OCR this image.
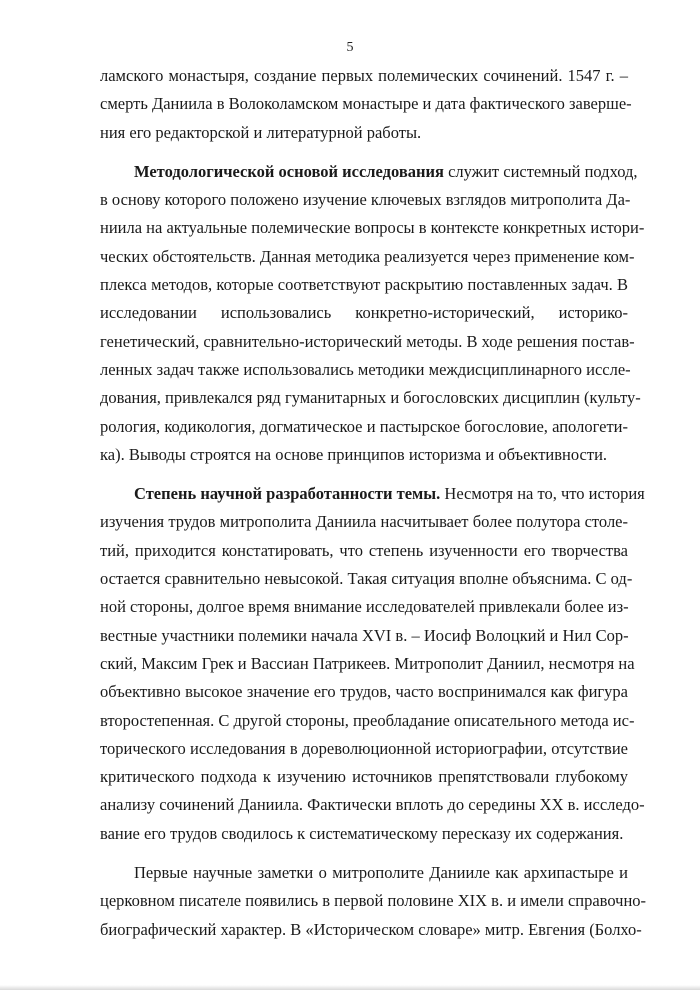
5
ламского монастыря, создание первых полемических сочинений. 1547 г. –
смерть Даниила в Волоколамском монастыре и дата фактического заверше-
ния его редакторской и литературной работы.
Методологической основой исследования служит системный подход,
в основу которого положено изучение ключевых взглядов митрополита Да-
ниила на актуальные полемические вопросы в контексте конкретных истори-
ческих обстоятельств. Данная методика реализуется через применение ком-
плекса методов, которые соответствуют раскрытию поставленных задач. В
исследовании использовались конкретно-исторический, историко-
генетический, сравнительно-исторический методы. В ходе решения постав-
ленных задач также использовались методики междисциплинарного иссле-
дования, привлекался ряд гуманитарных и богословских дисциплин (культу-
рология, кодикология, догматическое и пастырское богословие, апологети-
ка). Выводы строятся на основе принципов историзма и объективности.
Степень научной разработанности темы. Несмотря на то, что история
изучения трудов митрополита Даниила насчитывает более полутора столе-
тий, приходится констатировать, что степень изученности его творчества
остается сравнительно невысокой. Такая ситуация вполне объяснима. С од-
ной стороны, долгое время внимание исследователей привлекали более из-
вестные участники полемики начала XVI в. – Иосиф Волоцкий и Нил Сор-
ский, Максим Грек и Вассиан Патрикеев. Митрополит Даниил, несмотря на
объективно высокое значение его трудов, часто воспринимался как фигура
второстепенная. С другой стороны, преобладание описательного метода ис-
торического исследования в дореволюционной историографии, отсутствие
критического подхода к изучению источников препятствовали глубокому
анализу сочинений Даниила. Фактически вплоть до середины XX в. исследо-
вание его трудов сводилось к систематическому пересказу их содержания.
Первые научные заметки о митрополите Данииле как архипастыре и
церковном писателе появились в первой половине XIX в. и имели справочно-
биографический характер. В «Историческом словаре» митр. Евгения (Болхо-
